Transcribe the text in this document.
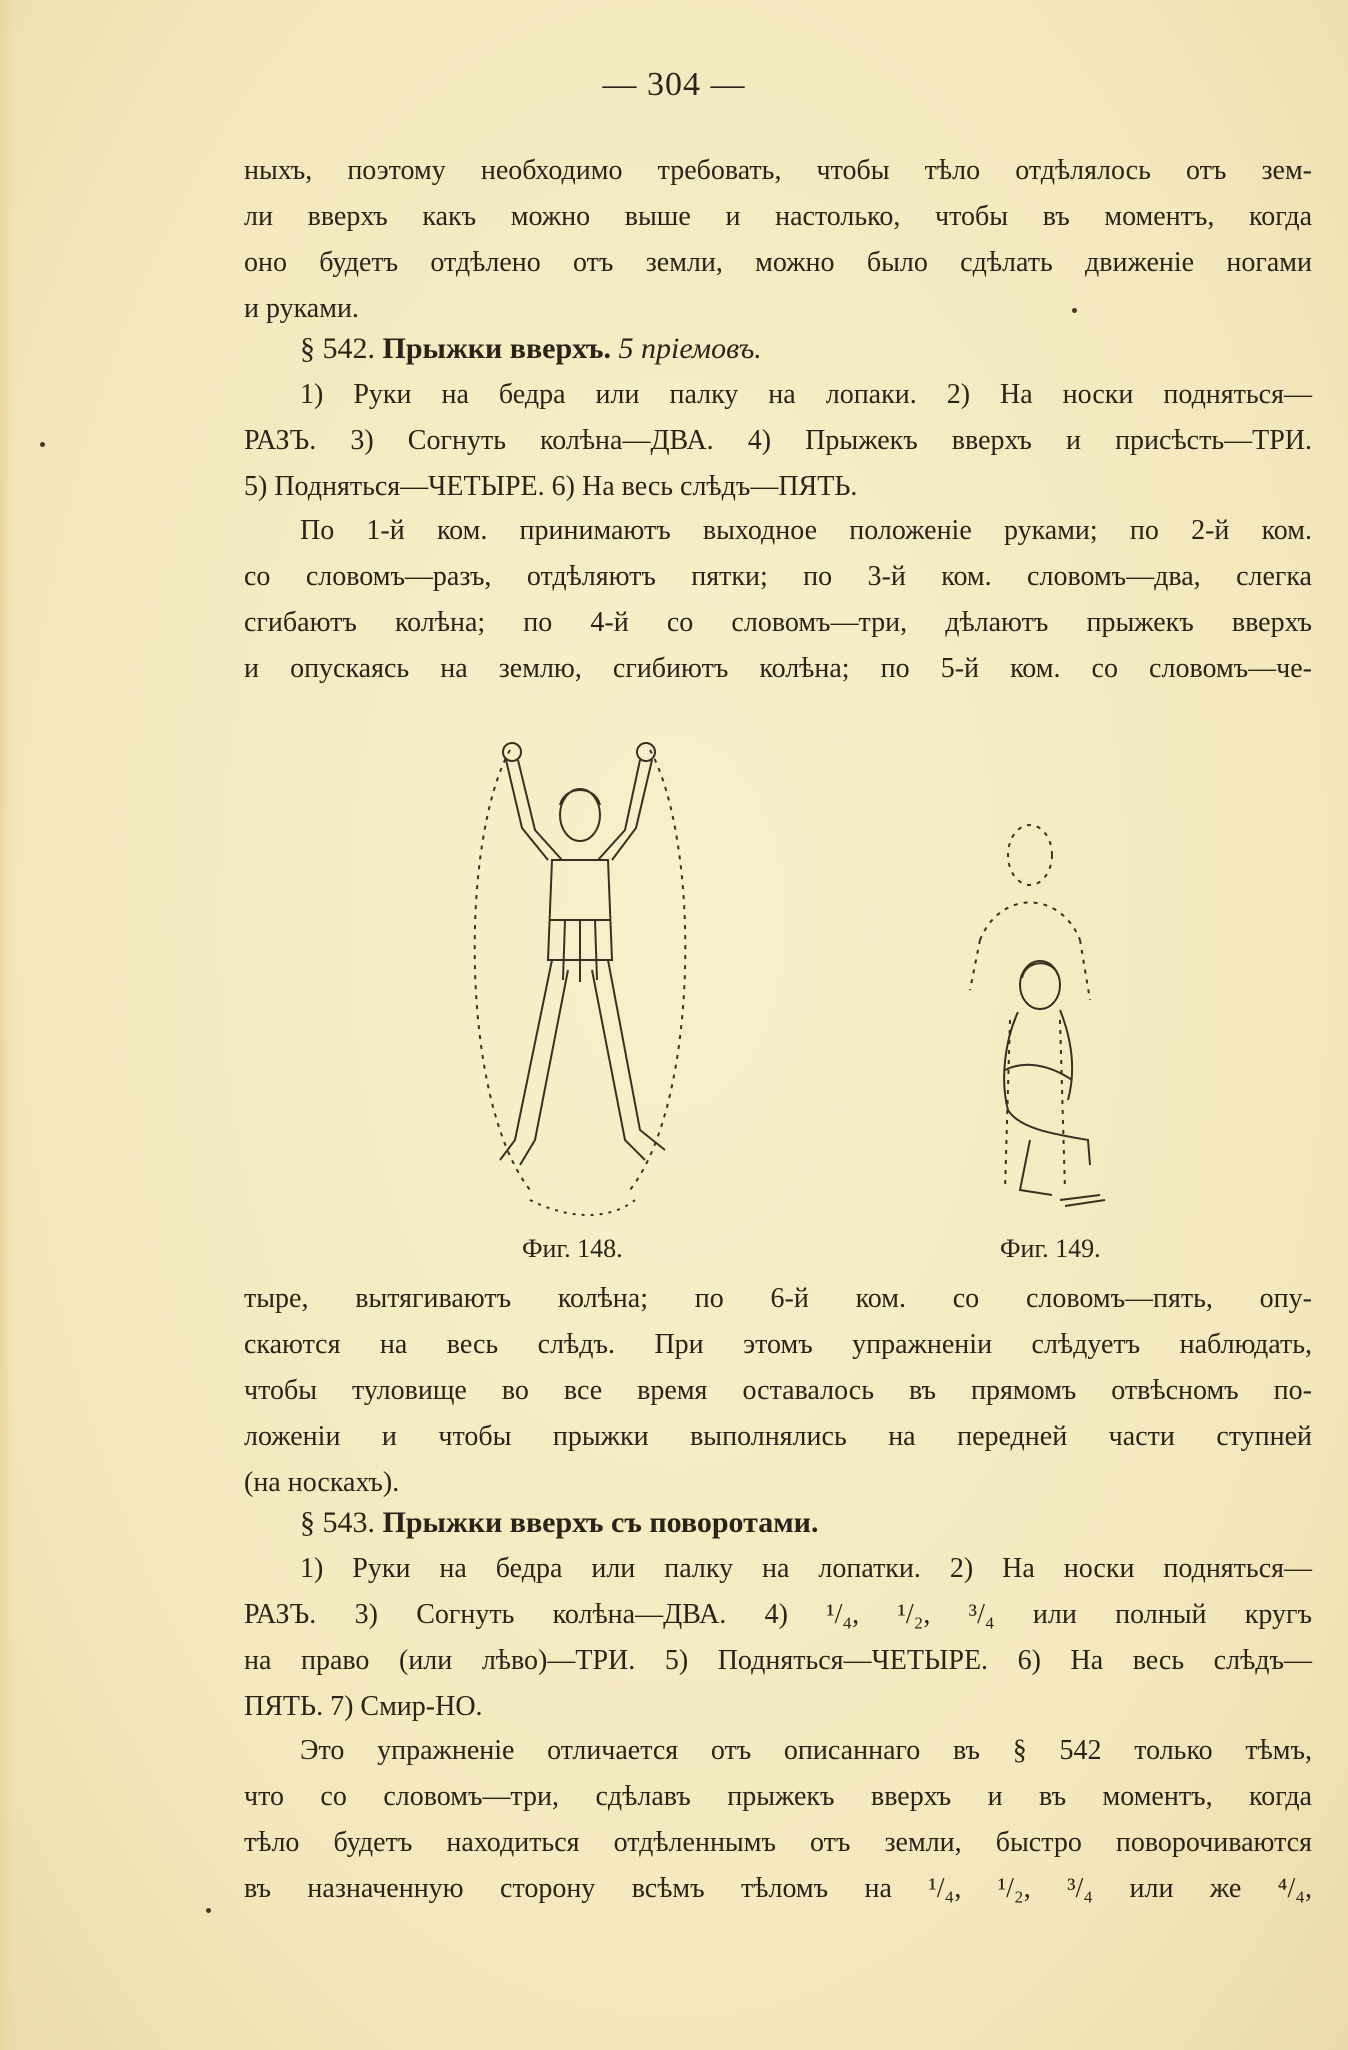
— 304 —
ныхъ, поэтому необходимо требовать, чтобы тѣло отдѣлялось отъ зем-
ли вверхъ какъ можно выше и настолько, чтобы въ моментъ, когда
оно будетъ отдѣлено отъ земли, можно было сдѣлать движеніе ногами
и руками.
§ 542. Прыжки вверхъ. 5 пріемовъ.
1) Руки на бедра или палку на лопаки. 2) На носки подняться—
РАЗЪ. 3) Согнуть колѣна—ДВА. 4) Прыжекъ вверхъ и присѣсть—ТРИ.
5) Подняться—ЧЕТЫРЕ. 6) На весь слѣдъ—ПЯТЬ.
По 1-й ком. принимаютъ выходное положеніе руками; по 2-й ком.
со словомъ—разъ, отдѣляютъ пятки; по 3-й ком. словомъ—два, слегка
сгибаютъ колѣна; по 4-й со словомъ—три, дѣлаютъ прыжекъ вверхъ
и опускаясь на землю, сгибиютъ колѣна; по 5-й ком. со словомъ—че-
Фиг. 148.	Фиг. 149.
тыре, вытягиваютъ колѣна; по 6-й ком. со словомъ—пять, опу-
скаются на весь слѣдъ. При этомъ упражненіи слѣдуетъ наблюдать,
чтобы туловище во все время оставалось въ прямомъ отвѣсномъ по-
ложеніи и чтобы прыжки выполнялись на передней части ступней
(на носкахъ).
§ 543. Прыжки вверхъ съ поворотами.
1) Руки на бедра или палку на лопатки. 2) На носки подняться—
РАЗЪ. 3) Согнуть колѣна—ДВА. 4) ¹/₄, ¹/₂, ³/₄ или полный кругъ
на право (или лѣво)—ТРИ. 5) Подняться—ЧЕТЫРЕ. 6) На весь слѣдъ—
ПЯТЬ. 7) Смир-НО.
Это упражненіе отличается отъ описаннаго въ § 542 только тѣмъ,
что со словомъ—три, сдѣлавъ прыжекъ вверхъ и въ моментъ, когда
тѣло будетъ находиться отдѣленнымъ отъ земли, быстро поворочиваются
въ назначенную сторону всѣмъ тѣломъ на ¹/₄, ¹/₂, ³/₄ или же ⁴/₄,
